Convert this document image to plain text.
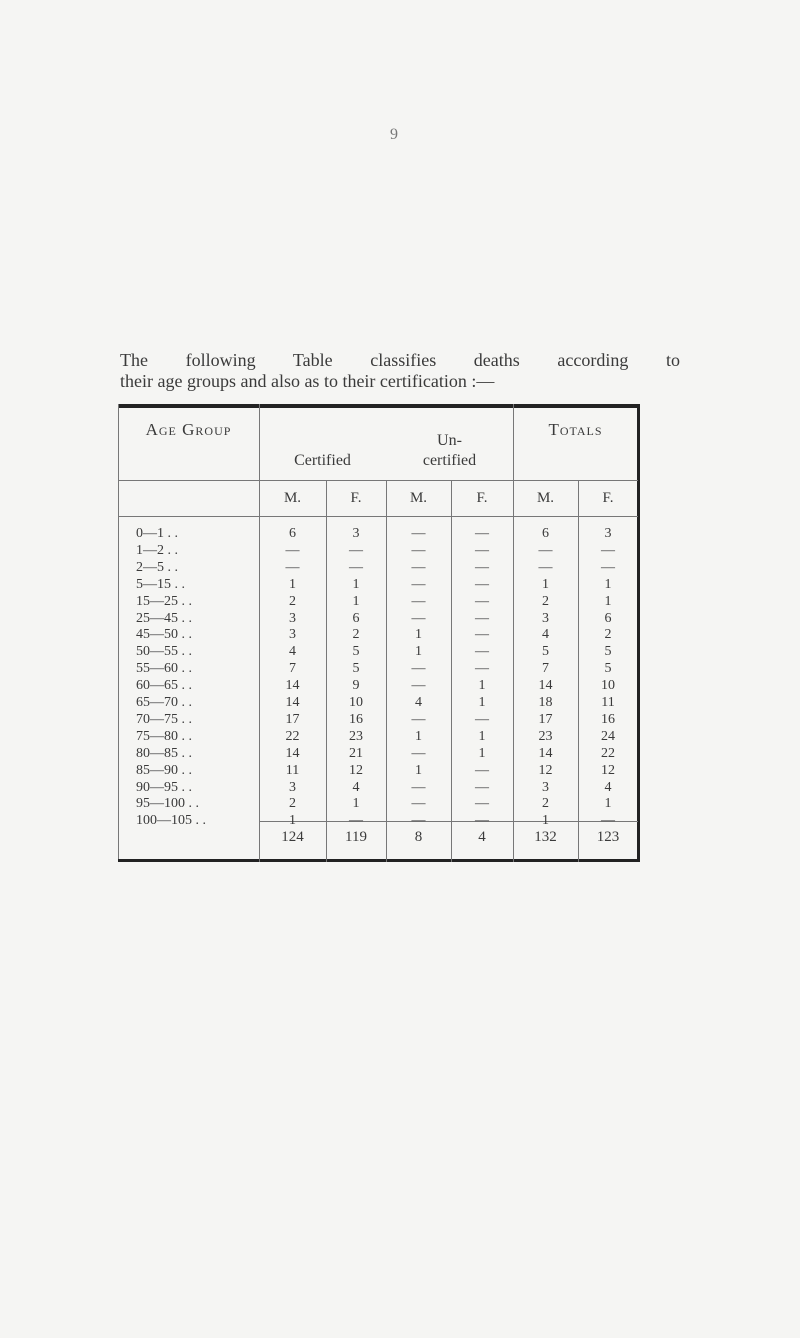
9
The following Table classifies deaths according to
their age groups and also as to their certification :—
Age Group
Certified
Un-
certified
Totals
M.	F.	M.	F.	M.	F.
0—1 . .	6	3	—	—	6	3
1—2 . .	—	—	—	—	—	—
2—5 . .	—	—	—	—	—	—
5—15 . .	1	1	—	—	1	1
15—25 . .	2	1	—	—	2	1
25—45 . .	3	6	—	—	3	6
45—50 . .	3	2	1	—	4	2
50—55 . .	4	5	1	—	5	5
55—60 . .	7	5	—	—	7	5
60—65 . .	14	9	—	1	14	10
65—70 . .	14	10	4	1	18	11
70—75 . .	17	16	—	—	17	16
75—80 . .	22	23	1	1	23	24
80—85 . .	14	21	—	1	14	22
85—90 . .	11	12	1	—	12	12
90—95 . .	3	4	—	—	3	4
95—100 . .	2	1	—	—	2	1
100—105 . .	1	—	—	—	1	—
124	119	8	4	132	123
